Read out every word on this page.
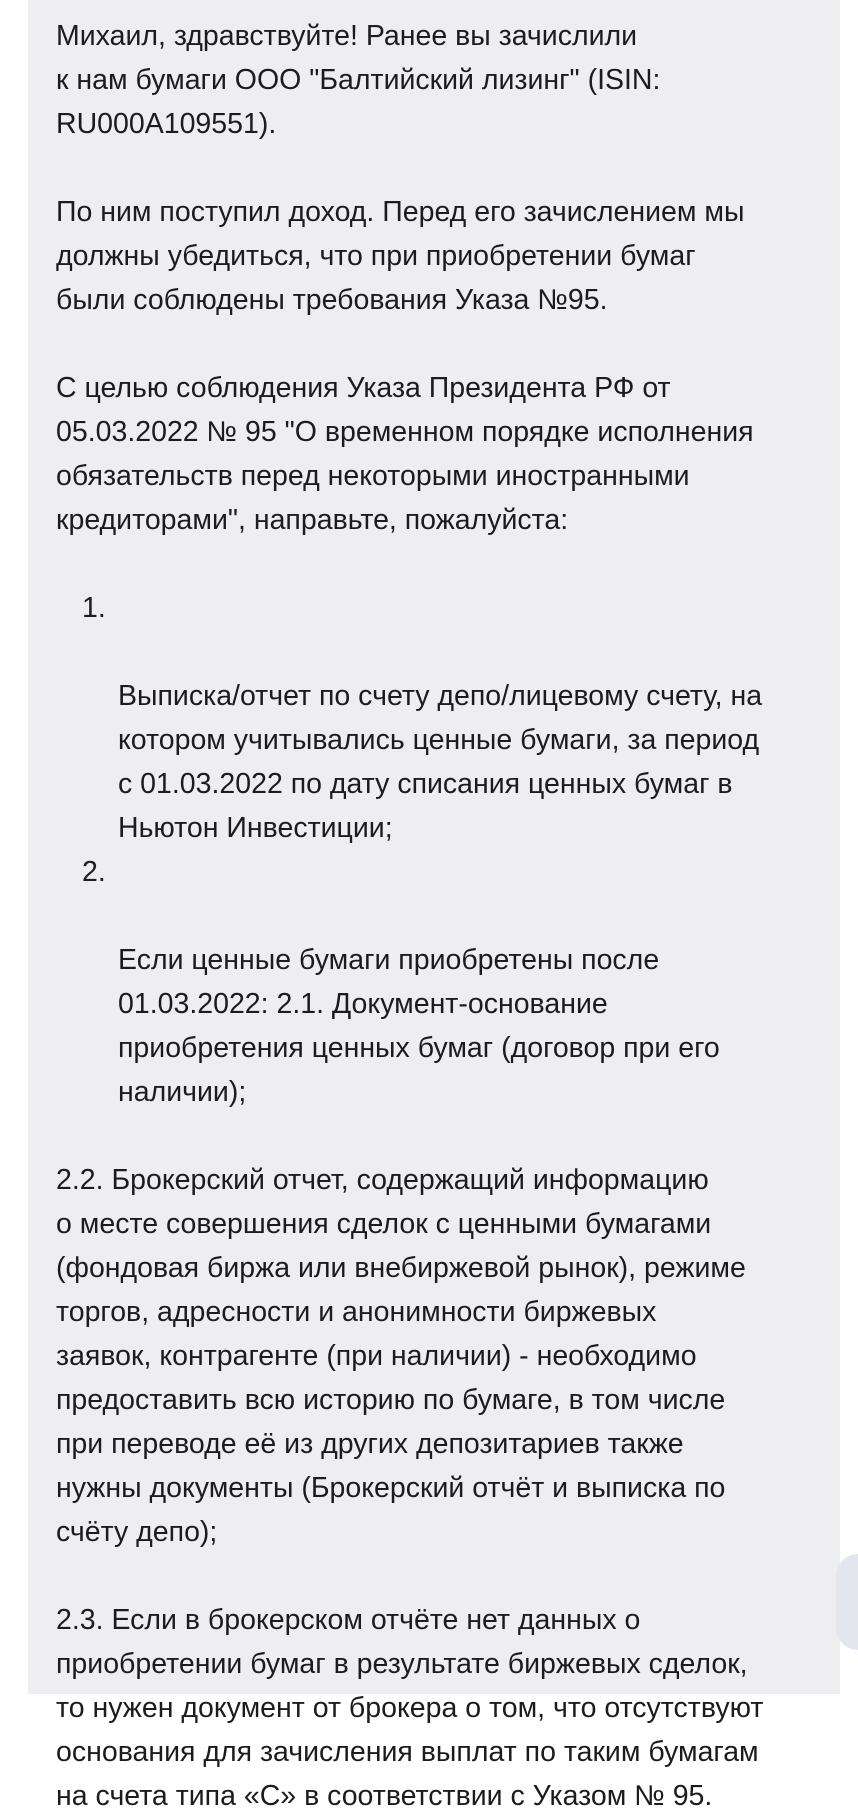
Михаил, здравствуйте! Ранее вы зачислили
к нам бумаги ООО "Балтийский лизинг" (ISIN:
RU000A109551).

По ним поступил доход. Перед его зачислением мы
должны убедиться, что при приобретении бумаг
были соблюдены требования Указа №95.

С целью соблюдения Указа Президента РФ от
05.03.2022 № 95 "О временном порядке исполнения
обязательств перед некоторыми иностранными
кредиторами", направьте, пожалуйста:

1.

Выписка/отчет по счету депо/лицевому счету, на
котором учитывались ценные бумаги, за период
с 01.03.2022 по дату списания ценных бумаг в
Ньютон Инвестиции;

2.

Если ценные бумаги приобретены после
01.03.2022: 2.1. Документ-основание
приобретения ценных бумаг (договор при его
наличии);

2.2. Брокерский отчет, содержащий информацию
о месте совершения сделок с ценными бумагами
(фондовая биржа или внебиржевой рынок), режиме
торгов, адресности и анонимности биржевых
заявок, контрагенте (при наличии) - необходимо
предоставить всю историю по бумаге, в том числе
при переводе её из других депозитариев также
нужны документы (Брокерский отчёт и выписка по
счёту депо);

2.3. Если в брокерском отчёте нет данных о
приобретении бумаг в результате биржевых сделок,
то нужен документ от брокера о том, что отсутствуют
основания для зачисления выплат по таким бумагам
на счета типа «С» в соответствии с Указом № 95.
